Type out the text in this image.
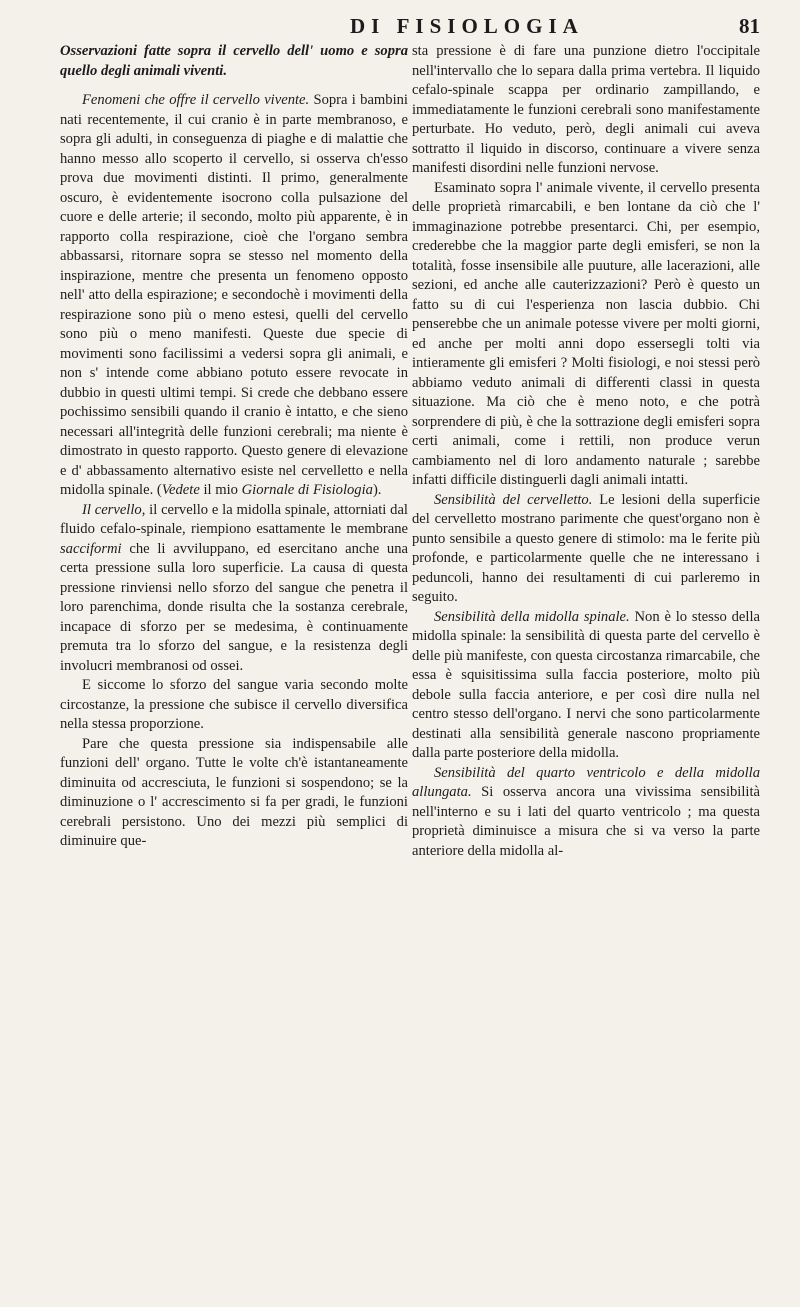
DI FISIOLOGIA	81

Osservazioni fatte sopra il cervello dell' uomo e sopra quello degli animali viventi.

Fenomeni che offre il cervello vivente. Sopra i bambini nati recentemente, il cui cranio è in parte membranoso, e sopra gli adulti, in conseguenza di piaghe e di malattie che hanno messo allo scoperto il cervello, si osserva ch'esso prova due movimenti distinti. Il primo, generalmente oscuro, è evidentemente isocrono colla pulsazione del cuore e delle arterie; il secondo, molto più apparente, è in rapporto colla respirazione, cioè che l'organo sembra abbassarsi, ritornare sopra se stesso nel momento della inspirazione, mentre che presenta un fenomeno opposto nell' atto della espirazione; e secondochè i movimenti della respirazione sono più o meno estesi, quelli del cervello sono più o meno manifesti. Queste due specie di movimenti sono facilissimi a vedersi sopra gli animali, e non s' intende come abbiano potuto essere revocate in dubbio in questi ultimi tempi. Si crede che debbano essere pochissimo sensibili quando il cranio è intatto, e che sieno necessari all'integrità delle funzioni cerebrali; ma niente è dimostrato in questo rapporto. Questo genere di elevazione e d' abbassamento alternativo esiste nel cervelletto e nella midolla spinale. (Vedete il mio Giornale di Fisiologia).

Il cervello, il cervello e la midolla spinale, attorniati dal fluido cefalo-spinale, riempiono esattamente le membrane sacciformi che li avviluppano, ed esercitano anche una certa pressione sulla loro superficie. La causa di questa pressione rinviensi nello sforzo del sangue che penetra il loro parenchima, donde risulta che la sostanza cerebrale, incapace di sforzo per se medesima, è continuamente premuta tra lo sforzo del sangue, e la resistenza degli involucri membranosi od ossei.

E siccome lo sforzo del sangue varia secondo molte circostanze, la pressione che subisce il cervello diversifica nella stessa proporzione.

Pare che questa pressione sia indispensabile alle funzioni dell' organo. Tutte le volte ch'è istantaneamente diminuita od accresciuta, le funzioni si sospendono; se la diminuzione o l' accrescimento si fa per gradi, le funzioni cerebrali persistono. Uno dei mezzi più semplici di diminuire que-

sta pressione è di fare una punzione dietro l'occipitale nell'intervallo che lo separa dalla prima vertebra. Il liquido cefalo-spinale scappa per ordinario zampillando, e immediatamente le funzioni cerebrali sono manifestamente perturbate. Ho veduto, però, degli animali cui aveva sottratto il liquido in discorso, continuare a vivere senza manifesti disordini nelle funzioni nervose.

Esaminato sopra l' animale vivente, il cervello presenta delle proprietà rimarcabili, e ben lontane da ciò che l' immaginazione potrebbe presentarci. Chi, per esempio, crederebbe che la maggior parte degli emisferi, se non la totalità, fosse insensibile alle puuture, alle lacerazioni, alle sezioni, ed anche alle cauterizzazioni? Però è questo un fatto su di cui l'esperienza non lascia dubbio. Chi penserebbe che un animale potesse vivere per molti giorni, ed anche per molti anni dopo essersegli tolti via intieramente gli emisferi ? Molti fisiologi, e noi stessi però abbiamo veduto animali di differenti classi in questa situazione. Ma ciò che è meno noto, e che potrà sorprendere di più, è che la sottrazione degli emisferi sopra certi animali, come i rettili, non produce verun cambiamento nel di loro andamento naturale ; sarebbe infatti difficile distinguerli dagli animali intatti.

Sensibilità del cervelletto. Le lesioni della superficie del cervelletto mostrano parimente che quest'organo non è punto sensibile a questo genere di stimolo: ma le ferite più profonde, e particolarmente quelle che ne interessano i peduncoli, hanno dei resultamenti di cui parleremo in seguito.

Sensibilità della midolla spinale. Non è lo stesso della midolla spinale: la sensibilità di questa parte del cervello è delle più manifeste, con questa circostanza rimarcabile, che essa è squisitissima sulla faccia posteriore, molto più debole sulla faccia anteriore, e per così dire nulla nel centro stesso dell'organo. I nervi che sono particolarmente destinati alla sensibilità generale nascono propriamente dalla parte posteriore della midolla.

Sensibilità del quarto ventricolo e della midolla allungata. Si osserva ancora una vivissima sensibilità nell'interno e su i lati del quarto ventricolo ; ma questa proprietà diminuisce a misura che si va verso la parte anteriore della midolla al-
